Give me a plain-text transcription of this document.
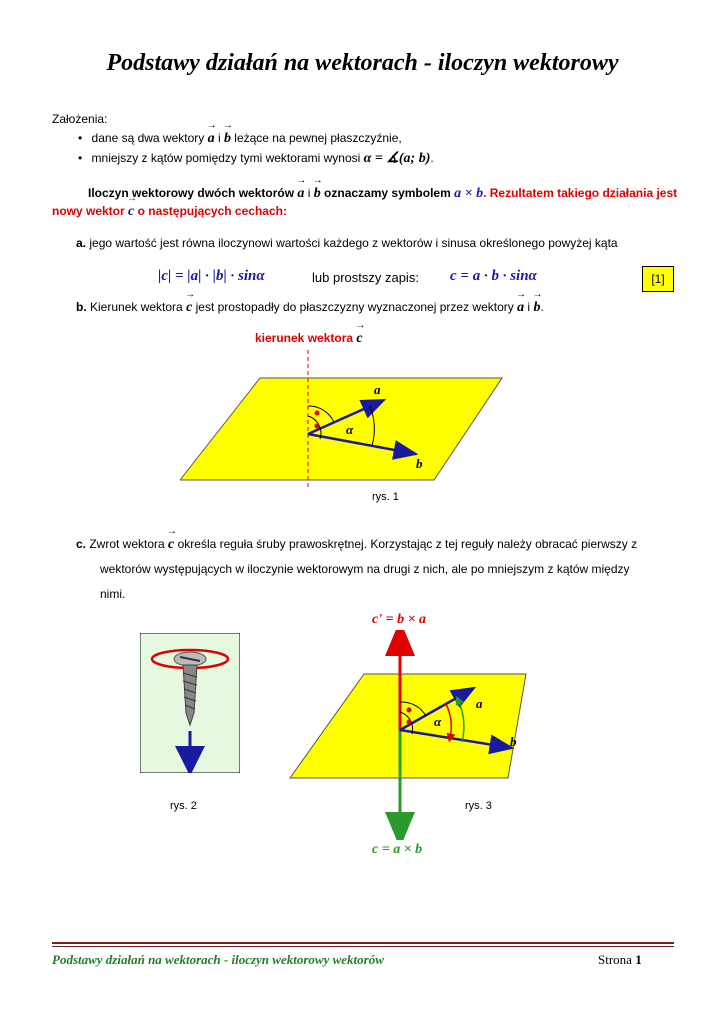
Podstawy działań na wektorach - iloczyn wektorowy
Założenia:
• dane są dwa wektory → a i → b leżące na pewnej płaszczyźnie,
• mniejszy z kątów pomiędzy tymi wektorami wynosi α = ∡(a; b).
Iloczyn wektorowy dwóch wektorów → a i → b oznaczamy symbolem a × b. Rezultatem takiego działania jest
nowy wektor → c o następujących cechach:
a. jego wartość jest równa iloczynowi wartości każdego z wektorów i sinusa określonego powyżej kąta
|c| = |a| · |b| · sinα	lub prostszy zapis: c = a · b · sinα	[1]
b. Kierunek wektora → c jest prostopadły do płaszczyzny wyznaczonej przez wektory → a i → b.
kierunek wektora → c
a
b
α
rys. 1
c. Zwrot wektora → c określa reguła śruby prawoskrętnej. Korzystając z tej reguły należy obracać pierwszy z
wektorów występujących w iloczynie wektorowym na drugi z nich, ale po mniejszym z kątów między
nimi.
rys. 2
c' = b × a
a
b
α
rys. 3
c = a × b
Podstawy działań na wektorach - iloczyn wektorowy wektorów	Strona 1
